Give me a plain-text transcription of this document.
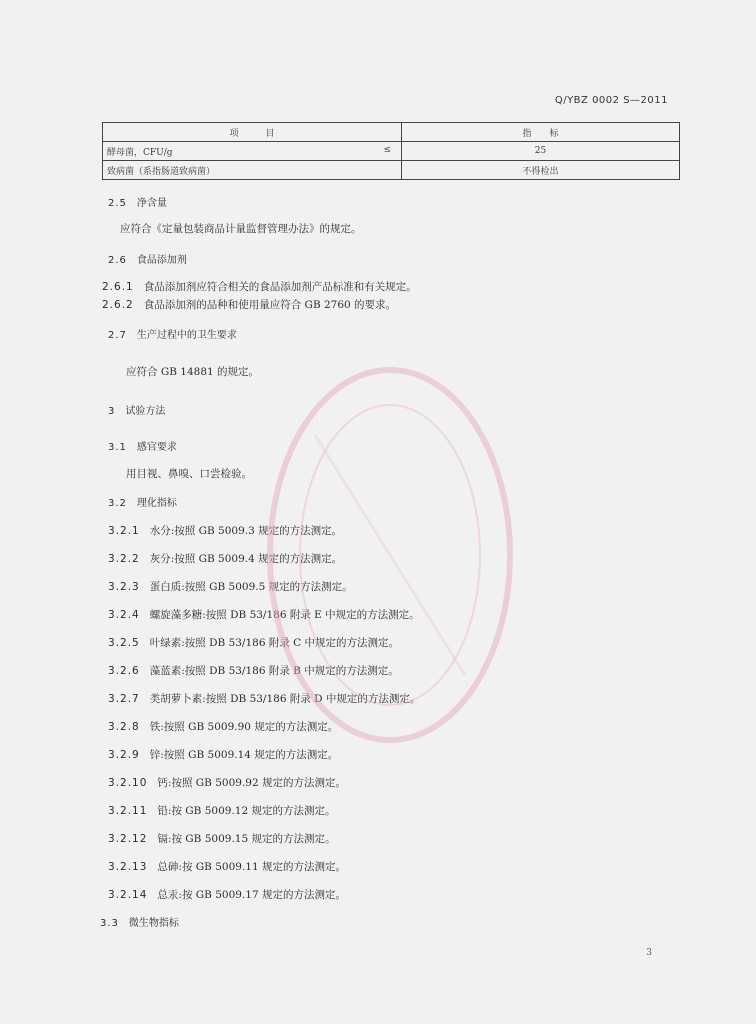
Q/YBZ 0002 S—2011
项　　　目	指　　标
酵母菌，CFU/g ≤	25
致病菌（系指肠道致病菌）	不得检出
2.5 净含量
应符合《定量包装商品计量监督管理办法》的规定。
2.6 食品添加剂
2.6.1 食品添加剂应符合相关的食品添加剂产品标准和有关规定。
2.6.2 食品添加剂的品种和使用量应符合 GB 2760 的要求。
2.7 生产过程中的卫生要求
应符合 GB 14881 的规定。
3 试验方法
3.1 感官要求
用目视、鼻嗅、口尝检验。
3.2 理化指标
3.2.1 水分:按照 GB 5009.3 规定的方法测定。
3.2.2 灰分:按照 GB 5009.4 规定的方法测定。
3.2.3 蛋白质:按照 GB 5009.5 规定的方法测定。
3.2.4 螺旋藻多糖:按照 DB 53/186 附录 E 中规定的方法测定。
3.2.5 叶绿素:按照 DB 53/186 附录 C 中规定的方法测定。
3.2.6 藻蓝素:按照 DB 53/186 附录 B 中规定的方法测定。
3.2.7 类胡萝卜素:按照 DB 53/186 附录 D 中规定的方法测定。
3.2.8 铁:按照 GB 5009.90 规定的方法测定。
3.2.9 锌:按照 GB 5009.14 规定的方法测定。
3.2.10 钙:按照 GB 5009.92 规定的方法测定。
3.2.11 铅:按 GB 5009.12 规定的方法测定。
3.2.12 镉:按 GB 5009.15 规定的方法测定。
3.2.13 总砷:按 GB 5009.11 规定的方法测定。
3.2.14 总汞:按 GB 5009.17 规定的方法测定。
3.3 微生物指标
3
